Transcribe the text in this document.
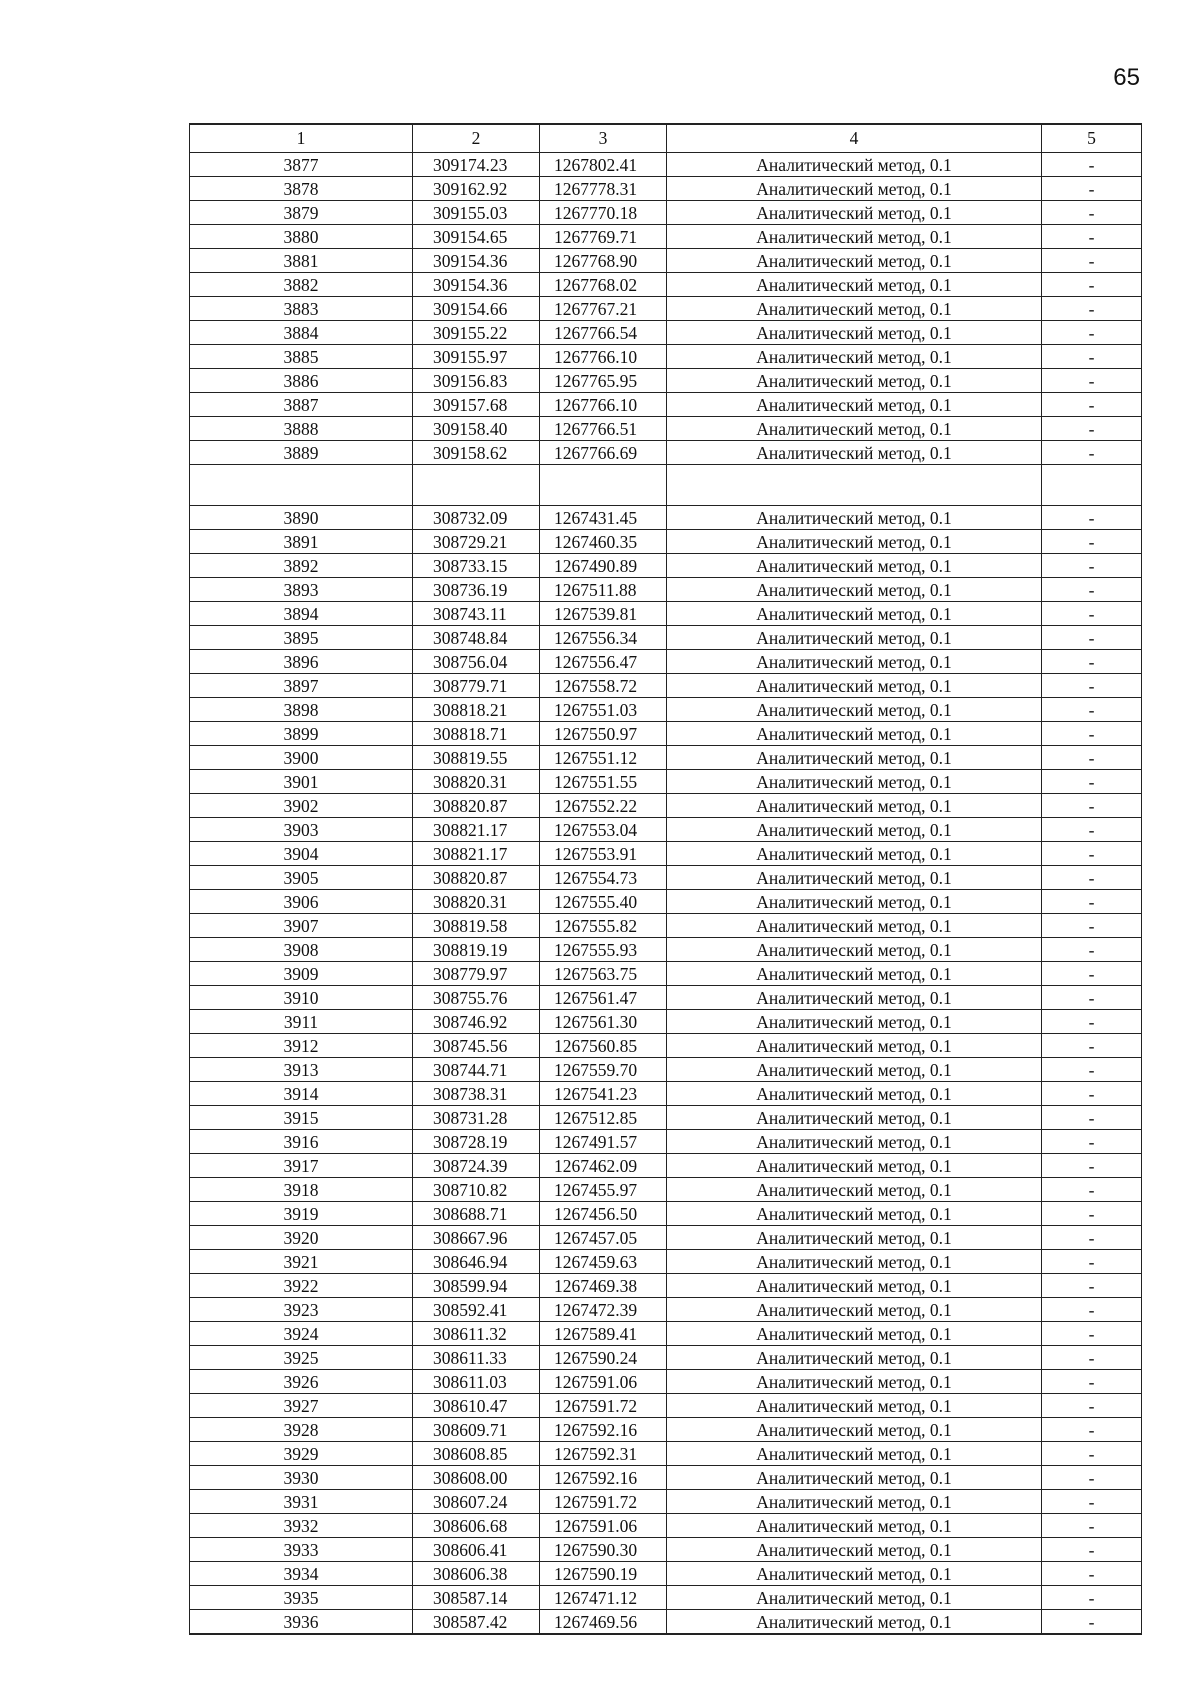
65
1	2	3	4	5
3877	309174.23	1267802.41	Аналитический метод, 0.1	-
3878	309162.92	1267778.31	Аналитический метод, 0.1	-
3879	309155.03	1267770.18	Аналитический метод, 0.1	-
3880	309154.65	1267769.71	Аналитический метод, 0.1	-
3881	309154.36	1267768.90	Аналитический метод, 0.1	-
3882	309154.36	1267768.02	Аналитический метод, 0.1	-
3883	309154.66	1267767.21	Аналитический метод, 0.1	-
3884	309155.22	1267766.54	Аналитический метод, 0.1	-
3885	309155.97	1267766.10	Аналитический метод, 0.1	-
3886	309156.83	1267765.95	Аналитический метод, 0.1	-
3887	309157.68	1267766.10	Аналитический метод, 0.1	-
3888	309158.40	1267766.51	Аналитический метод, 0.1	-
3889	309158.62	1267766.69	Аналитический метод, 0.1	-

3890	308732.09	1267431.45	Аналитический метод, 0.1	-
3891	308729.21	1267460.35	Аналитический метод, 0.1	-
3892	308733.15	1267490.89	Аналитический метод, 0.1	-
3893	308736.19	1267511.88	Аналитический метод, 0.1	-
3894	308743.11	1267539.81	Аналитический метод, 0.1	-
3895	308748.84	1267556.34	Аналитический метод, 0.1	-
3896	308756.04	1267556.47	Аналитический метод, 0.1	-
3897	308779.71	1267558.72	Аналитический метод, 0.1	-
3898	308818.21	1267551.03	Аналитический метод, 0.1	-
3899	308818.71	1267550.97	Аналитический метод, 0.1	-
3900	308819.55	1267551.12	Аналитический метод, 0.1	-
3901	308820.31	1267551.55	Аналитический метод, 0.1	-
3902	308820.87	1267552.22	Аналитический метод, 0.1	-
3903	308821.17	1267553.04	Аналитический метод, 0.1	-
3904	308821.17	1267553.91	Аналитический метод, 0.1	-
3905	308820.87	1267554.73	Аналитический метод, 0.1	-
3906	308820.31	1267555.40	Аналитический метод, 0.1	-
3907	308819.58	1267555.82	Аналитический метод, 0.1	-
3908	308819.19	1267555.93	Аналитический метод, 0.1	-
3909	308779.97	1267563.75	Аналитический метод, 0.1	-
3910	308755.76	1267561.47	Аналитический метод, 0.1	-
3911	308746.92	1267561.30	Аналитический метод, 0.1	-
3912	308745.56	1267560.85	Аналитический метод, 0.1	-
3913	308744.71	1267559.70	Аналитический метод, 0.1	-
3914	308738.31	1267541.23	Аналитический метод, 0.1	-
3915	308731.28	1267512.85	Аналитический метод, 0.1	-
3916	308728.19	1267491.57	Аналитический метод, 0.1	-
3917	308724.39	1267462.09	Аналитический метод, 0.1	-
3918	308710.82	1267455.97	Аналитический метод, 0.1	-
3919	308688.71	1267456.50	Аналитический метод, 0.1	-
3920	308667.96	1267457.05	Аналитический метод, 0.1	-
3921	308646.94	1267459.63	Аналитический метод, 0.1	-
3922	308599.94	1267469.38	Аналитический метод, 0.1	-
3923	308592.41	1267472.39	Аналитический метод, 0.1	-
3924	308611.32	1267589.41	Аналитический метод, 0.1	-
3925	308611.33	1267590.24	Аналитический метод, 0.1	-
3926	308611.03	1267591.06	Аналитический метод, 0.1	-
3927	308610.47	1267591.72	Аналитический метод, 0.1	-
3928	308609.71	1267592.16	Аналитический метод, 0.1	-
3929	308608.85	1267592.31	Аналитический метод, 0.1	-
3930	308608.00	1267592.16	Аналитический метод, 0.1	-
3931	308607.24	1267591.72	Аналитический метод, 0.1	-
3932	308606.68	1267591.06	Аналитический метод, 0.1	-
3933	308606.41	1267590.30	Аналитический метод, 0.1	-
3934	308606.38	1267590.19	Аналитический метод, 0.1	-
3935	308587.14	1267471.12	Аналитический метод, 0.1	-
3936	308587.42	1267469.56	Аналитический метод, 0.1	-
